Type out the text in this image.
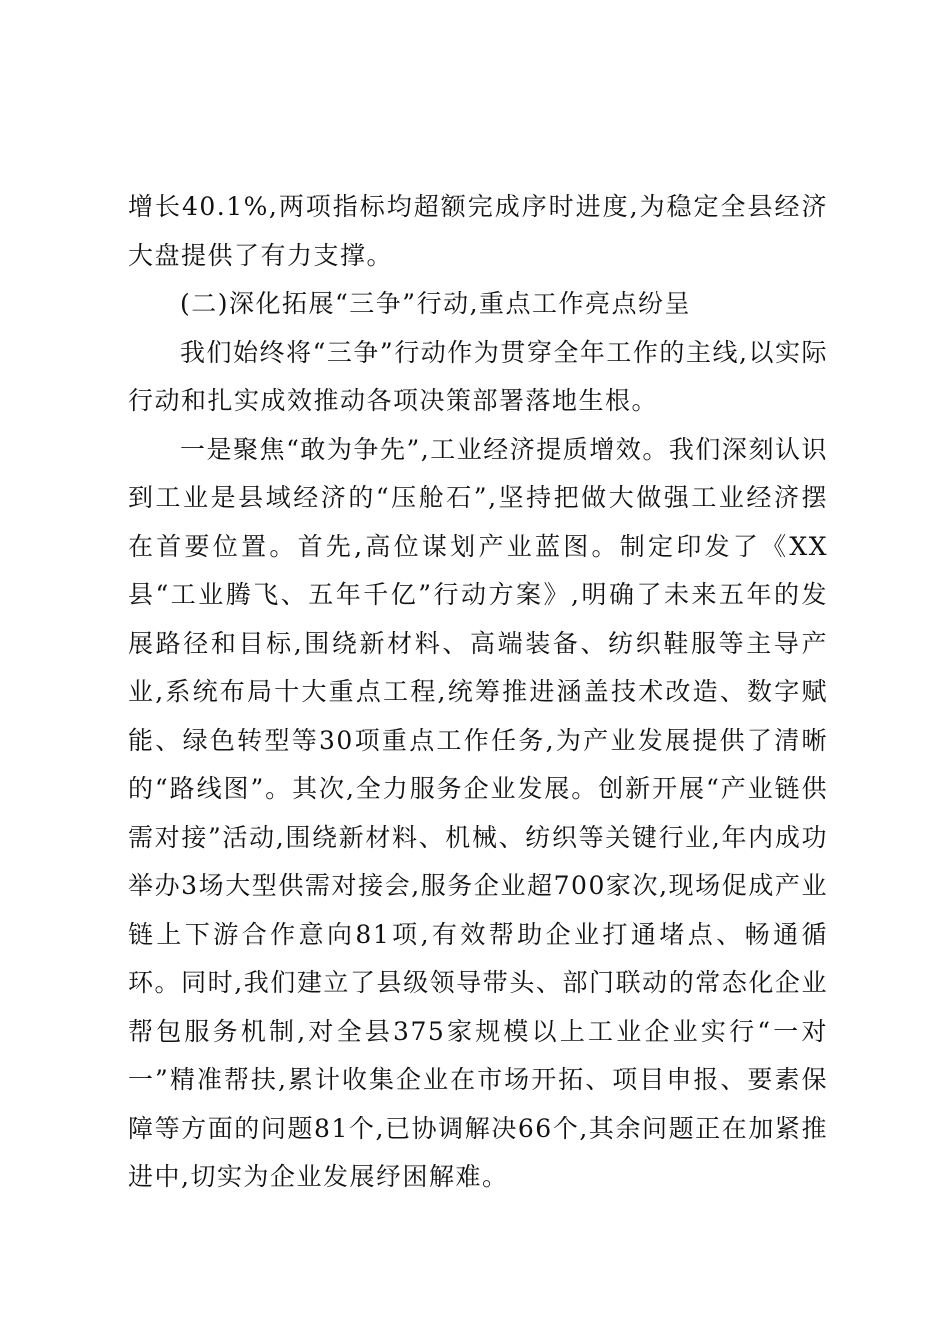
增长40.1%,两项指标均超额完成序时进度,为稳定全县经济大盘提供了有力支撑。

(二)深化拓展“三争”行动,重点工作亮点纷呈

我们始终将“三争”行动作为贯穿全年工作的主线,以实际行动和扎实成效推动各项决策部署落地生根。

一是聚焦“敢为争先”,工业经济提质增效。我们深刻认识到工业是县域经济的“压舱石”,坚持把做大做强工业经济摆在首要位置。首先,高位谋划产业蓝图。制定印发了《XX县“工业腾飞、五年千亿”行动方案》,明确了未来五年的发展路径和目标,围绕新材料、高端装备、纺织鞋服等主导产业,系统布局十大重点工程,统筹推进涵盖技术改造、数字赋能、绿色转型等30项重点工作任务,为产业发展提供了清晰的“路线图”。其次,全力服务企业发展。创新开展“产业链供需对接”活动,围绕新材料、机械、纺织等关键行业,年内成功举办3场大型供需对接会,服务企业超700家次,现场促成产业链上下游合作意向81项,有效帮助企业打通堵点、畅通循环。同时,我们建立了县级领导带头、部门联动的常态化企业帮包服务机制,对全县375家规模以上工业企业实行“一对一”精准帮扶,累计收集企业在市场开拓、项目申报、要素保障等方面的问题81个,已协调解决66个,其余问题正在加紧推进中,切实为企业发展纾困解难。
